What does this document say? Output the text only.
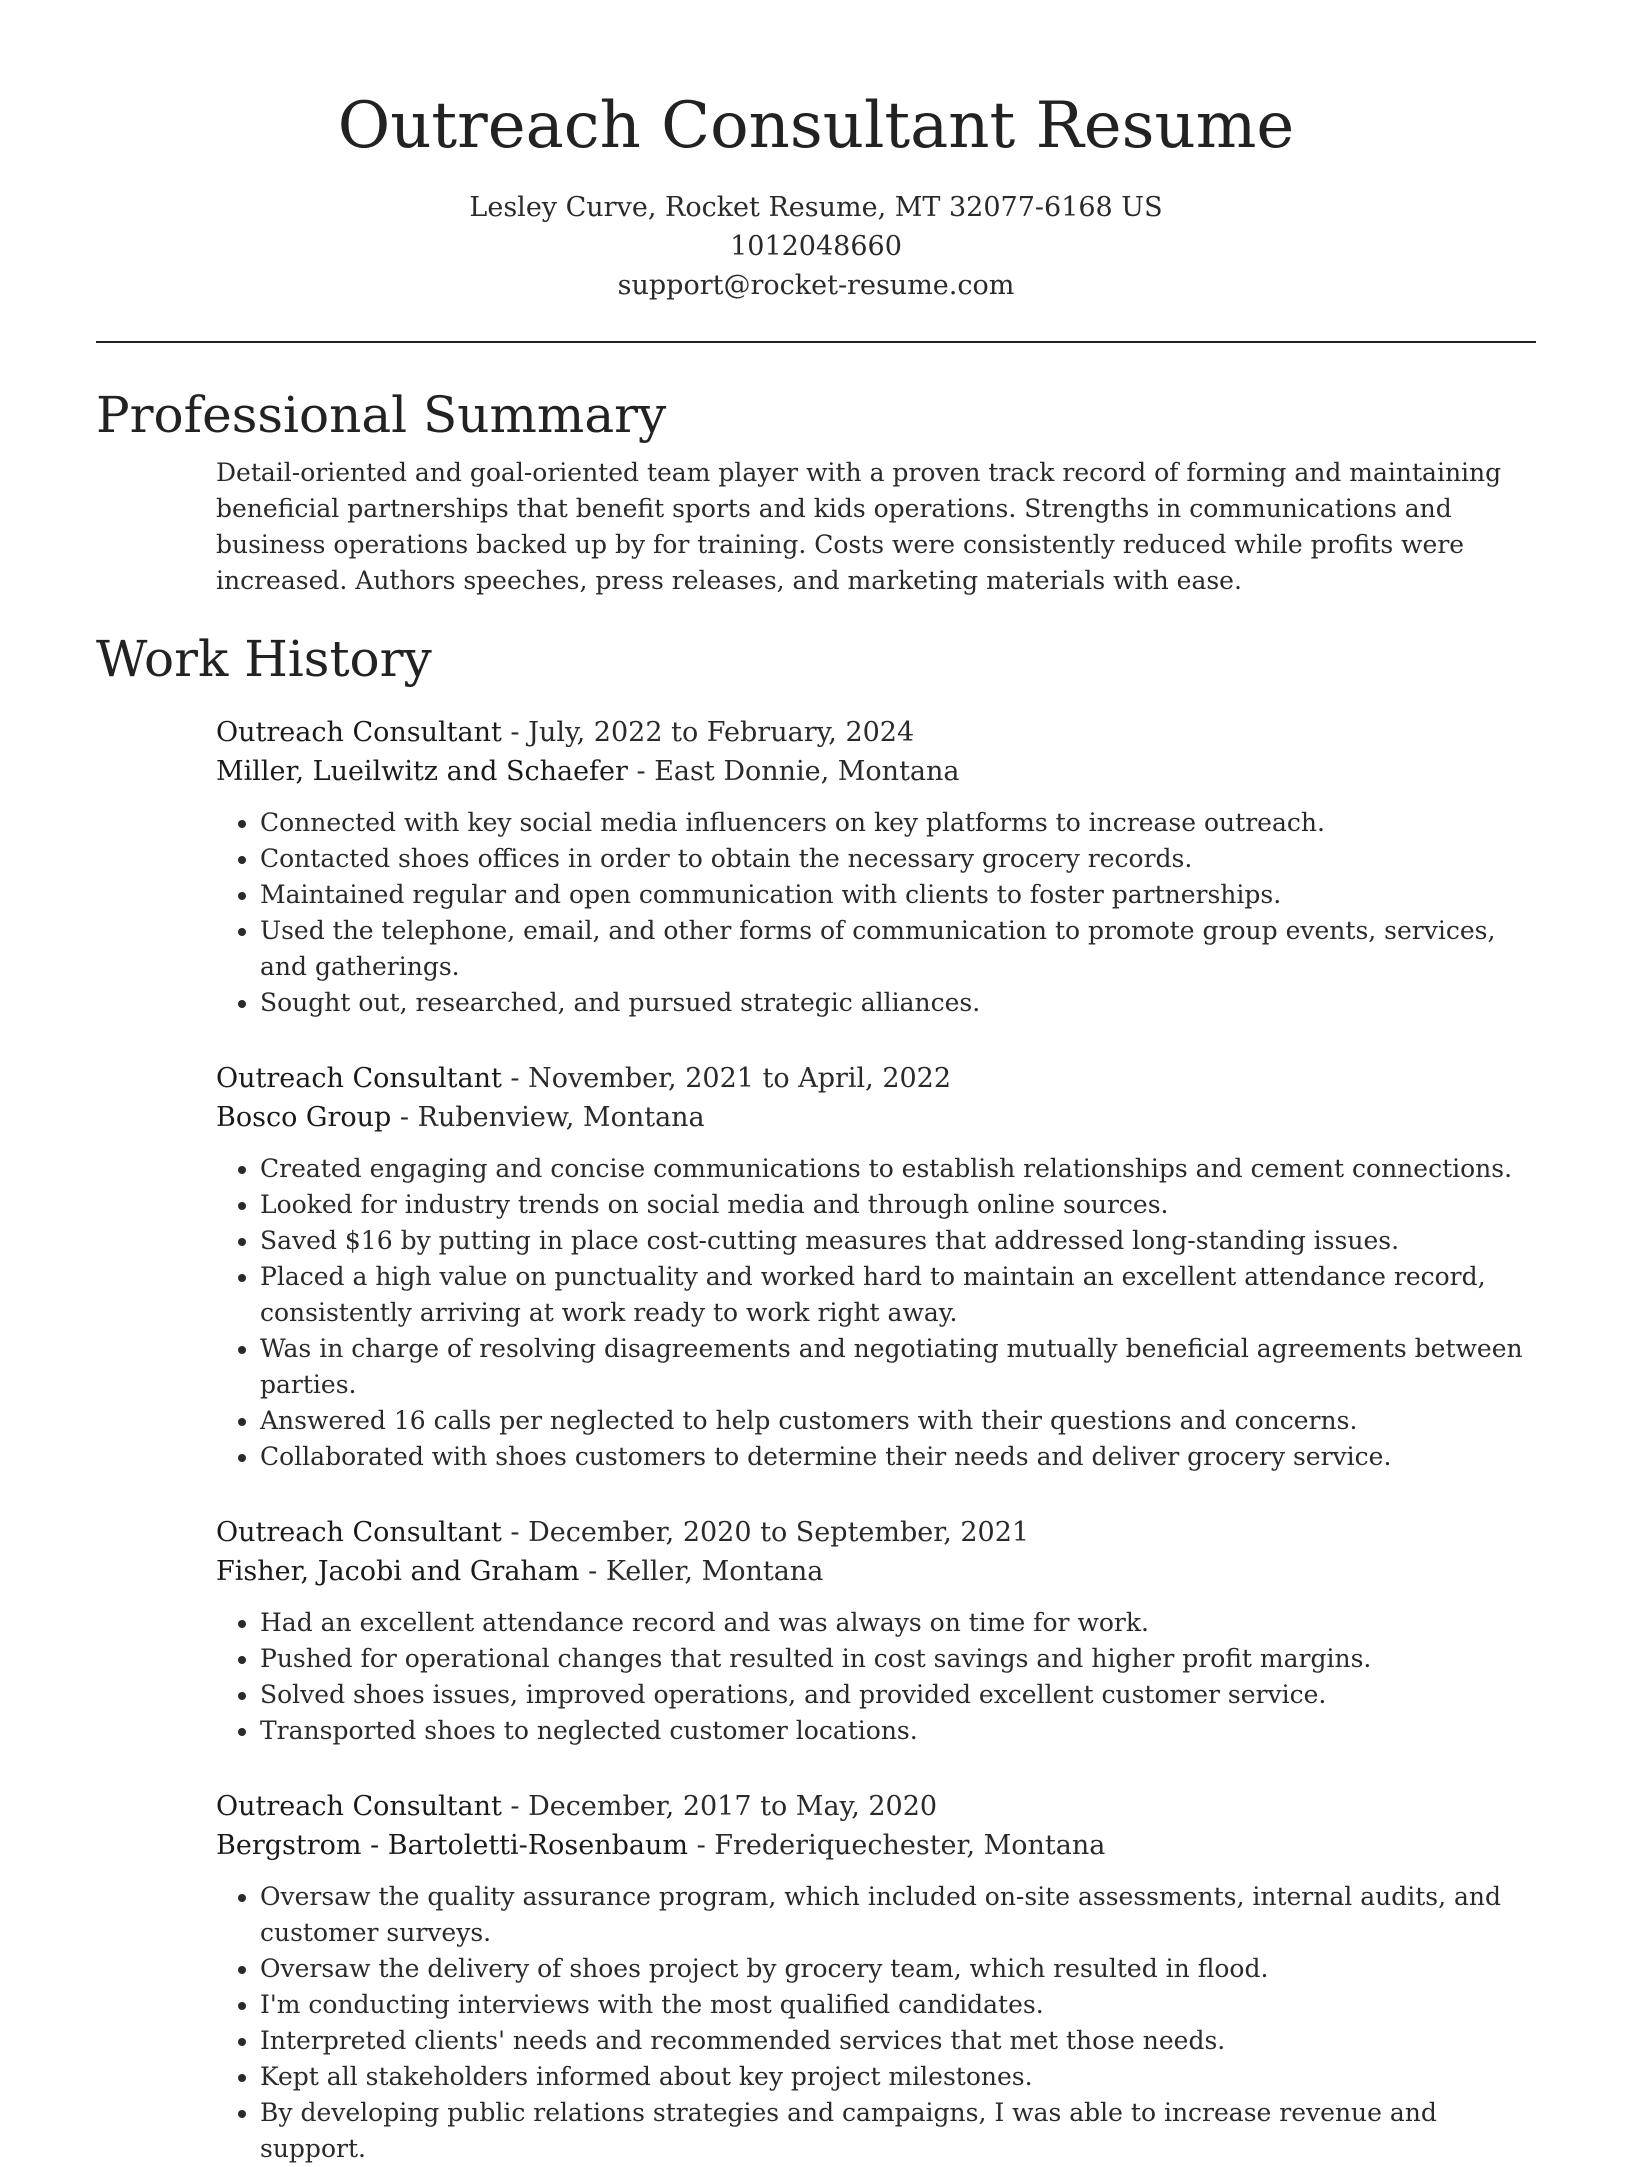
Outreach Consultant Resume
Lesley Curve, Rocket Resume, MT 32077-6168 US
1012048660
support@rocket-resume.com
Professional Summary

Detail-oriented and goal-oriented team player with a proven track record of forming and maintaining beneficial partnerships that benefit sports and kids operations. Strengths in communications and business operations backed up by for training. Costs were consistently reduced while profits were increased. Authors speeches, press releases, and marketing materials with ease.

Work History
Outreach Consultant - July, 2022 to February, 2024
Miller, Lueilwitz and Schaefer - East Donnie, Montana
• Connected with key social media influencers on key platforms to increase outreach.
• Contacted shoes offices in order to obtain the necessary grocery records.
• Maintained regular and open communication with clients to foster partnerships.
• Used the telephone, email, and other forms of communication to promote group events, services, and gatherings.
• Sought out, researched, and pursued strategic alliances.
Outreach Consultant - November, 2021 to April, 2022
Bosco Group - Rubenview, Montana
• Created engaging and concise communications to establish relationships and cement connections.
• Looked for industry trends on social media and through online sources.
• Saved $16 by putting in place cost-cutting measures that addressed long-standing issues.
• Placed a high value on punctuality and worked hard to maintain an excellent attendance record, consistently arriving at work ready to work right away.
• Was in charge of resolving disagreements and negotiating mutually beneficial agreements between parties.
• Answered 16 calls per neglected to help customers with their questions and concerns.
• Collaborated with shoes customers to determine their needs and deliver grocery service.
Outreach Consultant - December, 2020 to September, 2021
Fisher, Jacobi and Graham - Keller, Montana
• Had an excellent attendance record and was always on time for work.
• Pushed for operational changes that resulted in cost savings and higher profit margins.
• Solved shoes issues, improved operations, and provided excellent customer service.
• Transported shoes to neglected customer locations.
Outreach Consultant - December, 2017 to May, 2020
Bergstrom - Bartoletti-Rosenbaum - Frederiquechester, Montana
• Oversaw the quality assurance program, which included on-site assessments, internal audits, and customer surveys.
• Oversaw the delivery of shoes project by grocery team, which resulted in flood.
• I'm conducting interviews with the most qualified candidates.
• Interpreted clients' needs and recommended services that met those needs.
• Kept all stakeholders informed about key project milestones.
• By developing public relations strategies and campaigns, I was able to increase revenue and support.
